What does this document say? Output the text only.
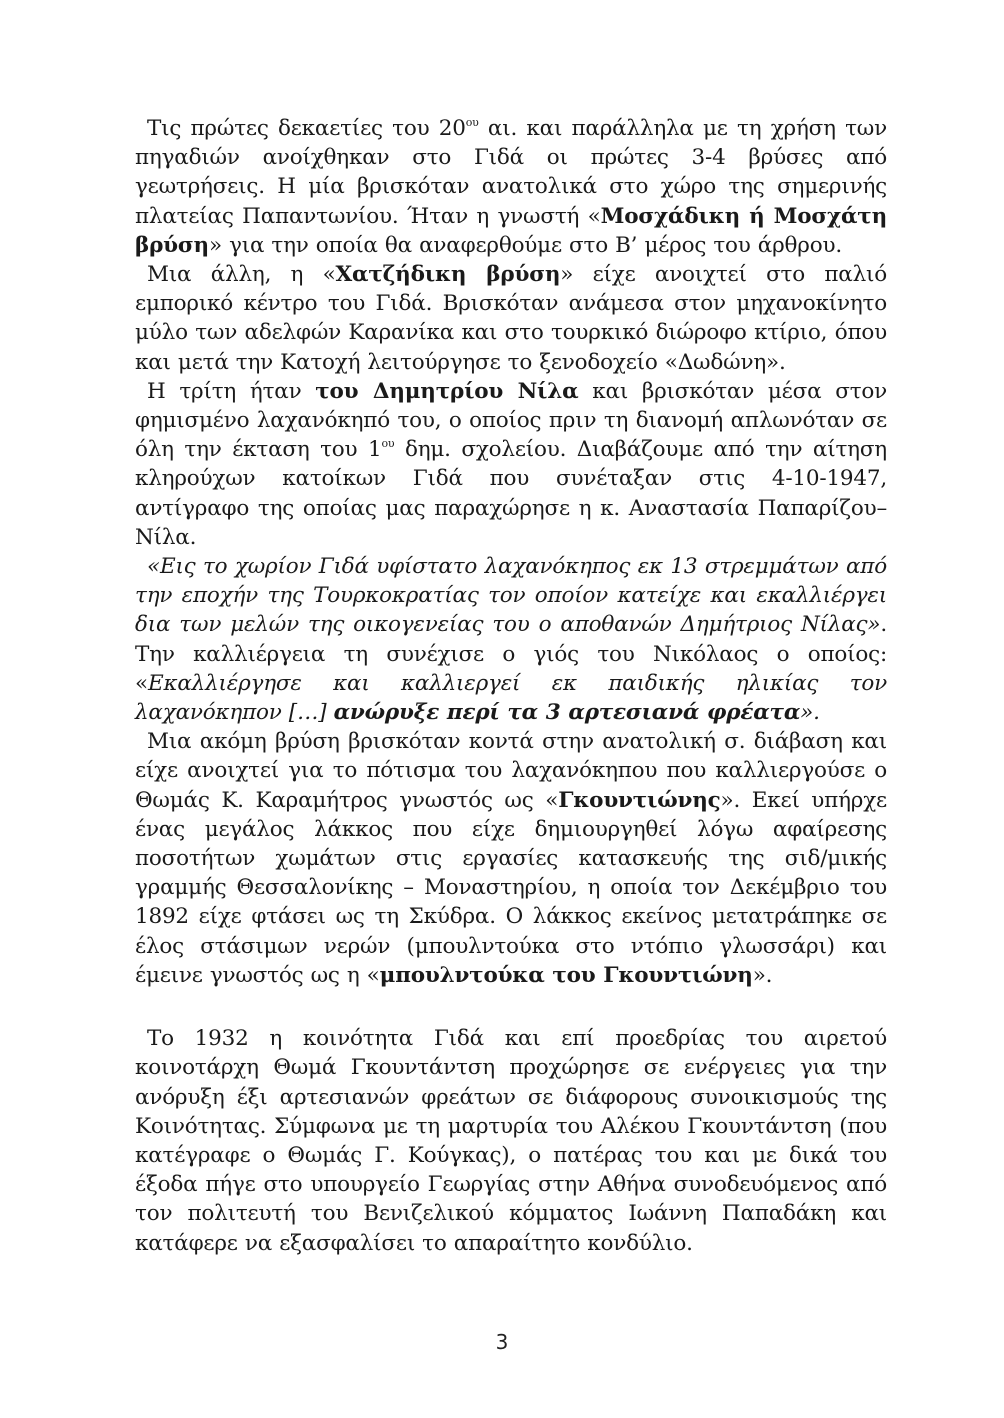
Τις πρώτες δεκαετίες του $20^{o\upsilon}$ αι. και παράλληλα με τη χρήση των πηγαδιών ανοίχθηκαν στο Γιδά οι πρώτες 3-4 βρύσες από γεωτρήσεις. Η μία βρισκόταν ανατολικά στο χώρο της σημερινής πλατείας Παπαντωνίου. Ήταν η γνωστή «Μοσχάδικη ή Μοσχάτη βρύση» για την οποία θα αναφερθούμε στο Β’ μέρος του άρθρου.

Μια άλλη, η «Χατζήδικη βρύση» είχε ανοιχτεί στο παλιό εμπορικό κέντρο του Γιδά. Βρισκόταν ανάμεσα στον μηχανοκίνητο μύλο των αδελφών Καρανίκα και στο τουρκικό διώροφο κτίριο, όπου και μετά την Κατοχή λειτούργησε το ξενοδοχείο «Δωδώνη».

Η τρίτη ήταν του Δημητρίου Νίλα και βρισκόταν μέσα στον φημισμένο λαχανόκηπό του, ο οποίος πριν τη διανομή απλωνόταν σε όλη την έκταση του $1^{o\upsilon}$ δημ. σχολείου. Διαβάζουμε από την αίτηση κληρούχων κατοίκων Γιδά που συνέταξαν στις 4-10-1947, αντίγραφο της οποίας μας παραχώρησε η κ. Αναστασία Παπαρίζου–Νίλα.

«Εις το χωρίον Γιδά υφίστατο λαχανόκηπος εκ 13 στρεμμάτων από την εποχήν της Τουρκοκρατίας τον οποίον κατείχε και εκαλλιέργει δια των μελών της οικογενείας του ο αποθανών Δημήτριος Νίλας». Την καλλιέργεια τη συνέχισε ο γιός του Νικόλαος ο οποίος: «Εκαλλιέργησε και καλλιεργεί εκ παιδικής ηλικίας τον λαχανόκηπον […] ανώρυξε περί τα 3 αρτεσιανά φρέατα».

Μια ακόμη βρύση βρισκόταν κοντά στην ανατολική σ. διάβαση και είχε ανοιχτεί για το πότισμα του λαχανόκηπου που καλλιεργούσε ο Θωμάς Κ. Καραμήτρος γνωστός ως «Γκουντιώνης». Εκεί υπήρχε ένας μεγάλος λάκκος που είχε δημιουργηθεί λόγω αφαίρεσης ποσοτήτων χωμάτων στις εργασίες κατασκευής της σιδ/μικής γραμμής Θεσσαλονίκης – Μοναστηρίου, η οποία τον Δεκέμβριο του 1892 είχε φτάσει ως τη Σκύδρα. Ο λάκκος εκείνος μετατράπηκε σε έλος στάσιμων νερών (μπουλντούκα στο ντόπιο γλωσσάρι) και έμεινε γνωστός ως η «μπουλντούκα του Γκουντιώνη».

Το 1932 η κοινότητα Γιδά και επί προεδρίας του αιρετού κοινοτάρχη Θωμά Γκουντάντση προχώρησε σε ενέργειες για την ανόρυξη έξι αρτεσιανών φρεάτων σε διάφορους συνοικισμούς της Κοινότητας. Σύμφωνα με τη μαρτυρία του Αλέκου Γκουντάντση (που κατέγραφε ο Θωμάς Γ. Κούγκας), ο πατέρας του και με δικά του έξοδα πήγε στο υπουργείο Γεωργίας στην Αθήνα συνοδευόμενος από τον πολιτευτή του Βενιζελικού κόμματος Ιωάννη Παπαδάκη και κατάφερε να εξασφαλίσει το απαραίτητο κονδύλιο.

3
